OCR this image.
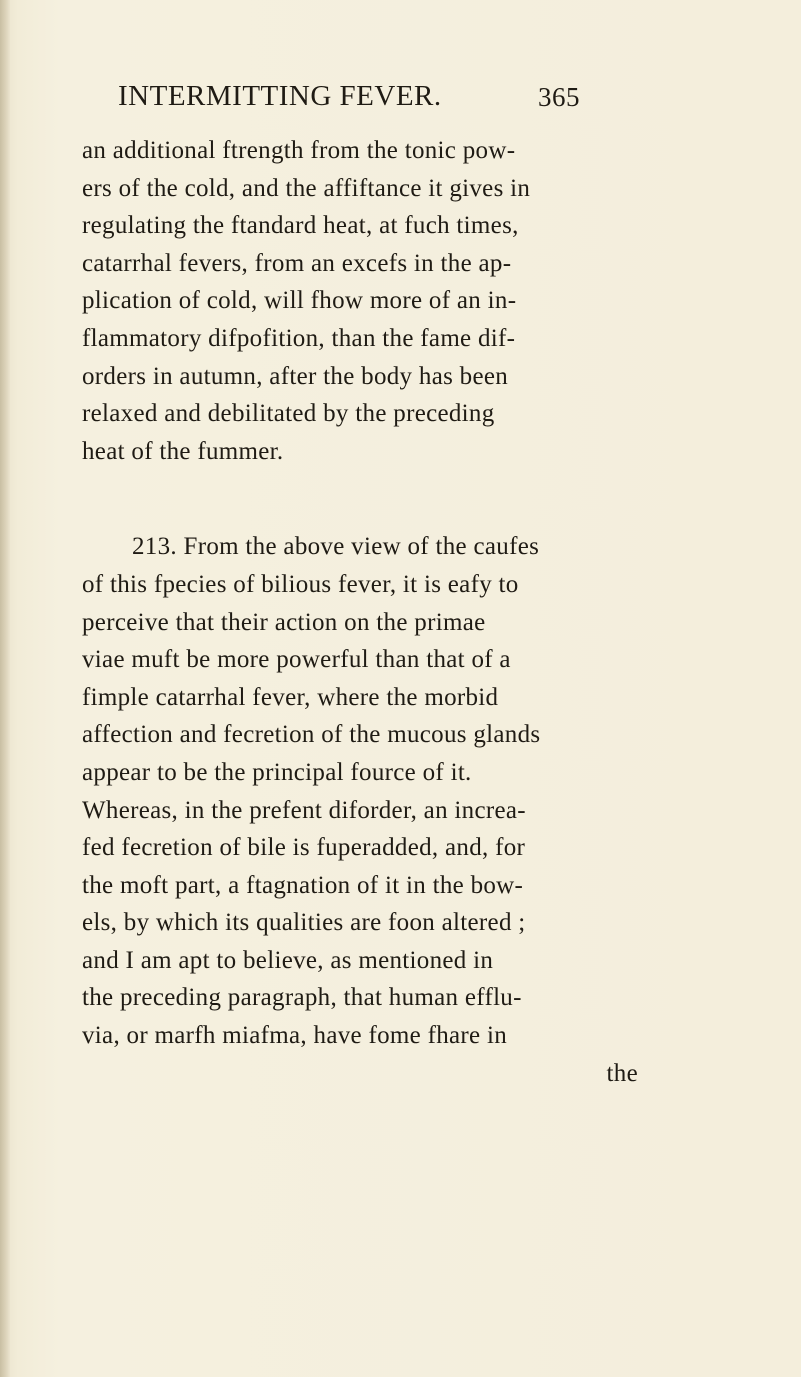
INTERMITTING FEVER.	365
an additional ftrength from the tonic pow-
ers of the cold, and the affiftance it gives in
regulating the ftandard heat, at fuch times,
catarrhal fevers, from an excefs in the ap-
plication of cold, will fhow more of an in-
flammatory difpofition, than the fame dif-
orders in autumn, after the body has been
relaxed and debilitated by the preceding
heat of the fummer.
213. From the above view of the caufes
of this fpecies of bilious fever, it is eafy to
perceive that their action on the primae
viae muft be more powerful than that of a
fimple catarrhal fever, where the morbid
affection and fecretion of the mucous glands
appear to be the principal fource of it.
Whereas, in the prefent diforder, an increa-
fed fecretion of bile is fuperadded, and, for
the moft part, a ftagnation of it in the bow-
els, by which its qualities are foon altered ;
and I am apt to believe, as mentioned in
the preceding paragraph, that human efflu-
via, or marfh miafma, have fome fhare in
the
